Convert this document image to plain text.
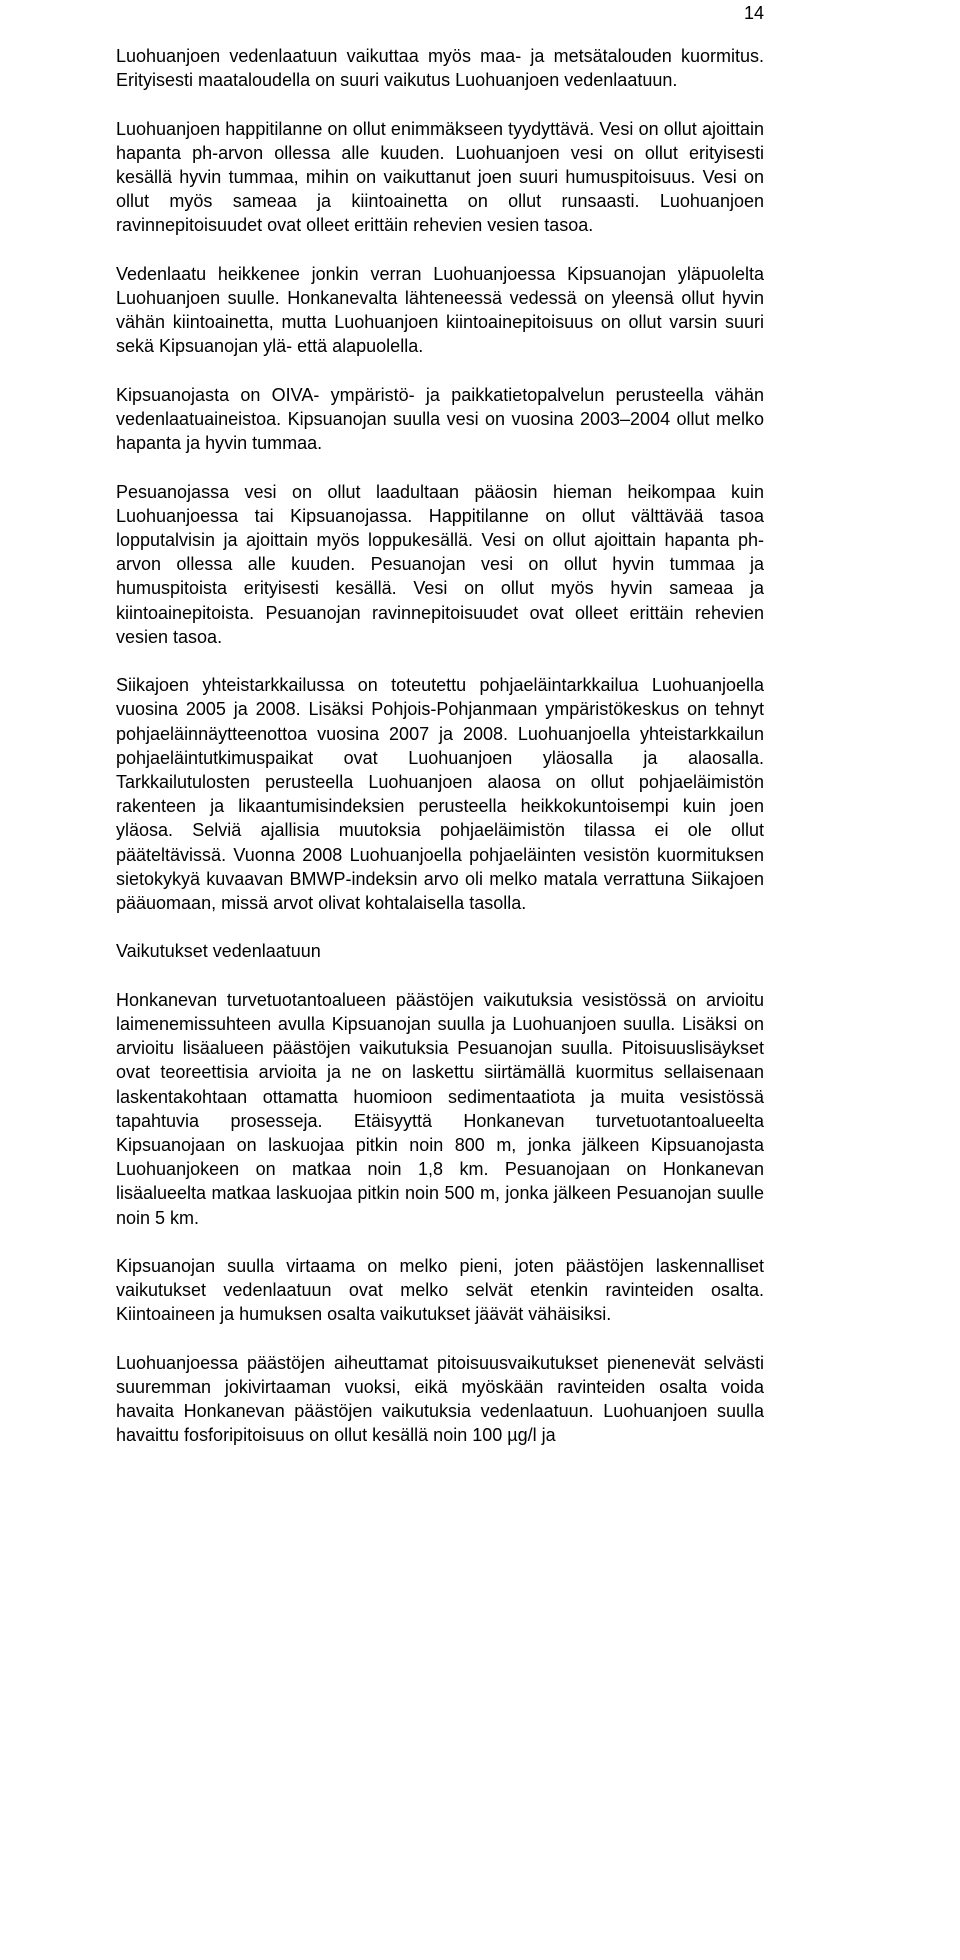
14

Luohuanjoen vedenlaatuun vaikuttaa myös maa- ja metsätalouden kuormitus. Erityisesti maataloudella on suuri vaikutus Luohuanjoen vedenlaatuun.

Luohuanjoen happitilanne on ollut enimmäkseen tyydyttävä. Vesi on ollut ajoittain hapanta ph-arvon ollessa alle kuuden. Luohuanjoen vesi on ollut erityisesti kesällä hyvin tummaa, mihin on vaikuttanut joen suuri humuspitoisuus. Vesi on ollut myös sameaa ja kiintoainetta on ollut runsaasti. Luohuanjoen ravinnepitoisuudet ovat olleet erittäin rehevien vesien tasoa.

Vedenlaatu heikkenee jonkin verran Luohuanjoessa Kipsuanojan yläpuolelta Luohuanjoen suulle. Honkanevalta lähteneessä vedessä on yleensä ollut hyvin vähän kiintoainetta, mutta Luohuanjoen kiintoainepitoisuus on ollut varsin suuri sekä Kipsuanojan ylä- että alapuolella.

Kipsuanojasta on OIVA- ympäristö- ja paikkatietopalvelun perusteella vähän vedenlaatuaineistoa. Kipsuanojan suulla vesi on vuosina 2003–2004 ollut melko hapanta ja hyvin tummaa.

Pesuanojassa vesi on ollut laadultaan pääosin hieman heikompaa kuin Luohuanjoessa tai Kipsuanojassa. Happitilanne on ollut välttävää tasoa lopputalvisin ja ajoittain myös loppukesällä. Vesi on ollut ajoittain hapanta ph-arvon ollessa alle kuuden. Pesuanojan vesi on ollut hyvin tummaa ja humuspitoista erityisesti kesällä. Vesi on ollut myös hyvin sameaa ja kiintoainepitoista. Pesuanojan ravinnepitoisuudet ovat olleet erittäin rehevien vesien tasoa.

Siikajoen yhteistarkkailussa on toteutettu pohjaeläintarkkailua Luohuanjoella vuosina 2005 ja 2008. Lisäksi Pohjois-Pohjanmaan ympäristökeskus on tehnyt pohjaeläinnäytteenottoa vuosina 2007 ja 2008. Luohuanjoella yhteistarkkailun pohjaeläintutkimuspaikat ovat Luohuanjoen yläosalla ja alaosalla. Tarkkailutulosten perusteella Luohuanjoen alaosa on ollut pohjaeläimistön rakenteen ja likaantumisindeksien perusteella heikkokuntoisempi kuin joen yläosa. Selviä ajallisia muutoksia pohjaeläimistön tilassa ei ole ollut pääteltävissä. Vuonna 2008 Luohuanjoella pohjaeläinten vesistön kuormituksen sietokykyä kuvaavan BMWP-indeksin arvo oli melko matala verrattuna Siikajoen pääuomaan, missä arvot olivat kohtalaisella tasolla.

Vaikutukset vedenlaatuun

Honkanevan turvetuotantoalueen päästöjen vaikutuksia vesistössä on arvioitu laimenemissuhteen avulla Kipsuanojan suulla ja Luohuanjoen suulla. Lisäksi on arvioitu lisäalueen päästöjen vaikutuksia Pesuanojan suulla. Pitoisuuslisäykset ovat teoreettisia arvioita ja ne on laskettu siirtämällä kuormitus sellaisenaan laskentakohtaan ottamatta huomioon sedimentaatiota ja muita vesistössä tapahtuvia prosesseja. Etäisyyttä Honkanevan turvetuotantoalueelta Kipsuanojaan on laskuojaa pitkin noin 800 m, jonka jälkeen Kipsuanojasta Luohuanjokeen on matkaa noin 1,8 km. Pesuanojaan on Honkanevan lisäalueelta matkaa laskuojaa pitkin noin 500 m, jonka jälkeen Pesuanojan suulle noin 5 km.

Kipsuanojan suulla virtaama on melko pieni, joten päästöjen laskennalliset vaikutukset vedenlaatuun ovat melko selvät etenkin ravinteiden osalta. Kiintoaineen ja humuksen osalta vaikutukset jäävät vähäisiksi.

Luohuanjoessa päästöjen aiheuttamat pitoisuusvaikutukset pienenevät selvästi suuremman jokivirtaaman vuoksi, eikä myöskään ravinteiden osalta voida havaita Honkanevan päästöjen vaikutuksia vedenlaatuun. Luohuanjoen suulla havaittu fosforipitoisuus on ollut kesällä noin 100 µg/l ja
